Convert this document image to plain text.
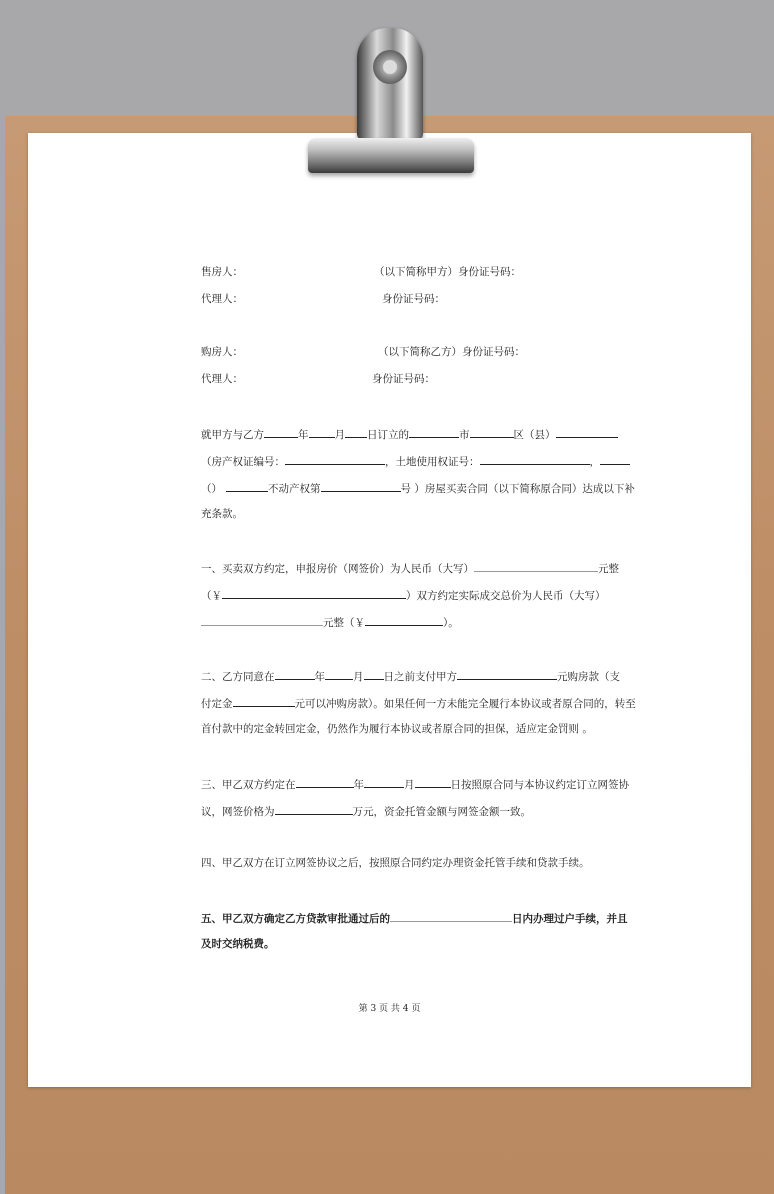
售房人：	（以下简称甲方）身份证号码：
代理人：	身份证号码：
购房人：	（以下简称乙方）身份证号码：
代理人：	身份证号码：
就甲方与乙方	年 月 日订立的	市	区（县）
（房产权证编号：	，土地使用权证号：	，
（）	不动产权第	号 ）房屋买卖合同（以下简称原合同）达成以下补
充条款。
一、买卖双方约定，申报房价（网签价）为人民币（大写）	元整
（￥	）双方约定实际成交总价为人民币（大写）
元整（￥	）。
二、乙方同意在	年	月 日之前支付甲方	元购房款（支
付定金	元可以冲购房款）。如果任何一方未能完全履行本协议或者原合同的，转至
首付款中的定金转回定金，仍然作为履行本协议或者原合同的担保，适应定金罚则 。
三、甲乙双方约定在	年	月	日按照原合同与本协议约定订立网签协
议，网签价格为	万元，资金托管金额与网签金额一致。
四、甲乙双方在订立网签协议之后，按照原合同约定办理资金托管手续和贷款手续。
五、甲乙双方确定乙方贷款审批通过后的	日内办理过户手续，并且
及时交纳税费。
第 3 页 共 4 页
